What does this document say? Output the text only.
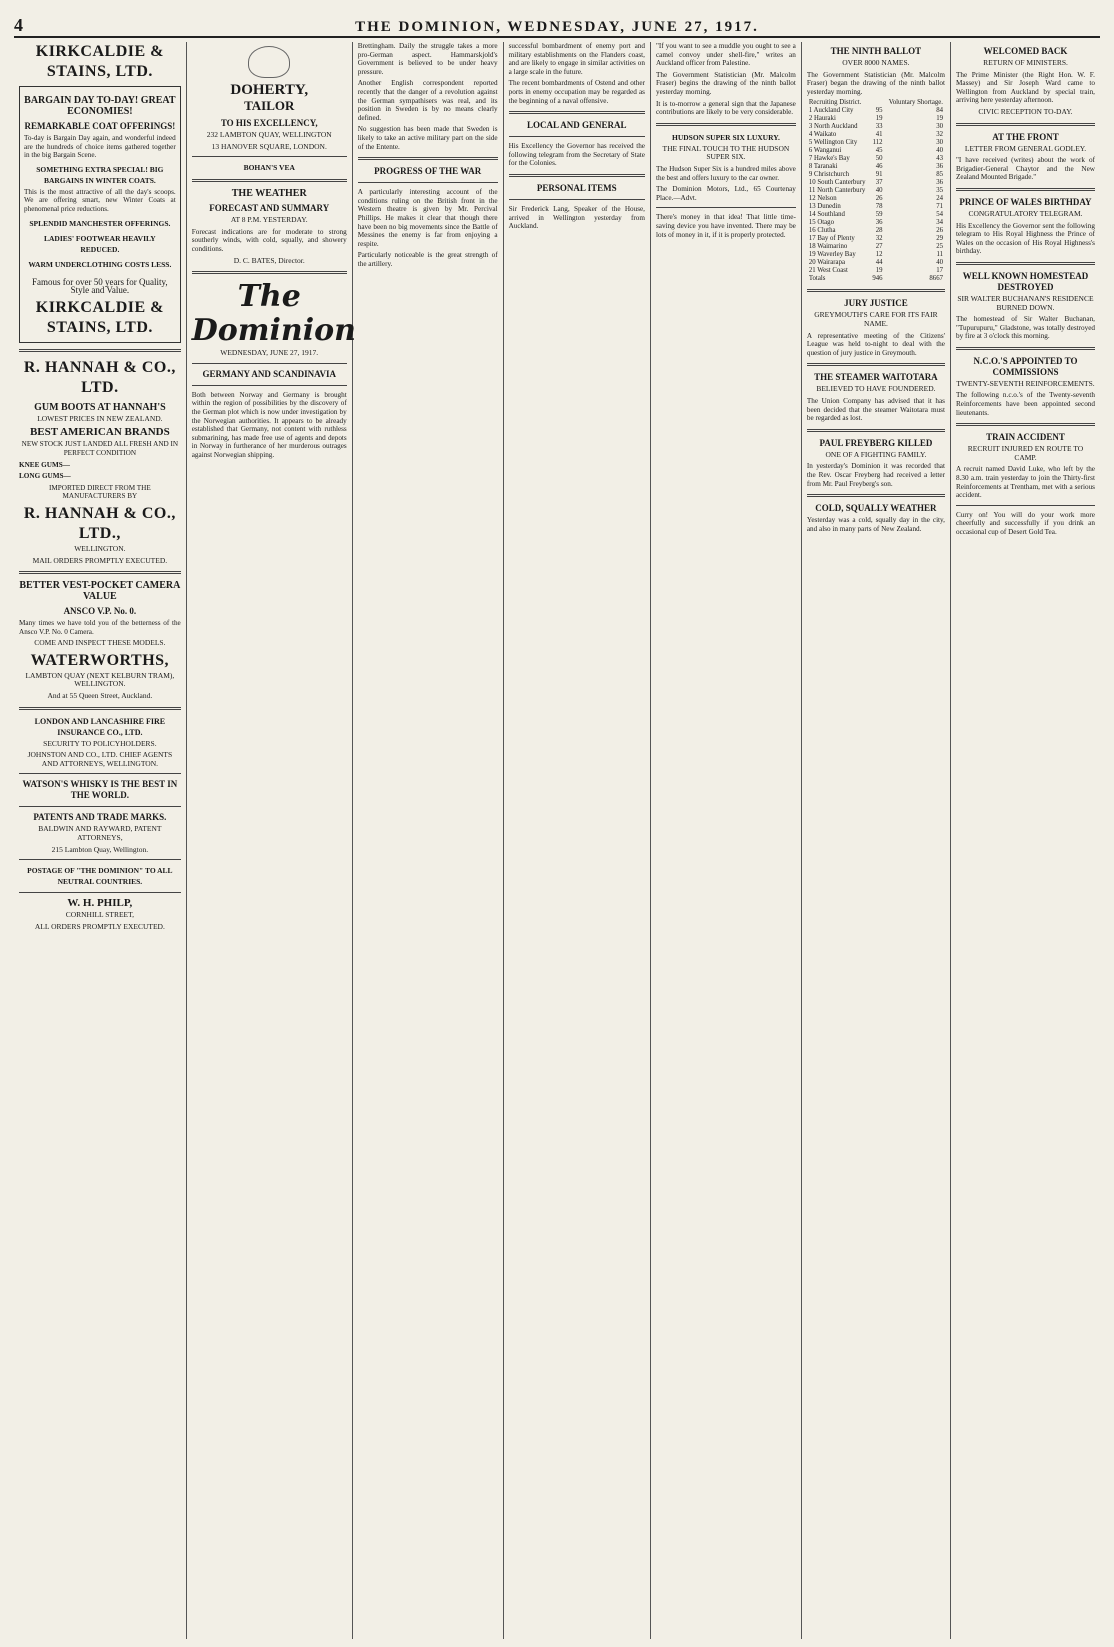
4	THE DOMINION, WEDNESDAY, JUNE 27, 1917.
KIRKCALDIE & STAINS, LTD.
BARGAIN DAY TO-DAY! GREAT ECONOMIES!
REMARKABLE COAT OFFERINGS!

To-day is Bargain Day again, and wonderful indeed are the hundreds of choice items gathered together in the big Bargain Scene.

SOMETHING EXTRA SPECIAL! BIG BARGAINS IN WINTER COATS.

This is the most attractive of all the day's scoops. We are offering smart, new Winter Coats at phenomenal price reductions.

SPLENDID MANCHESTER OFFERINGS.
LADIES' FOOTWEAR HEAVILY REDUCED.
WARM UNDERCLOTHING COSTS LESS.
Famous for over 50 years for Quality, Style and Value.
KIRKCALDIE & STAINS, LTD.
R. HANNAH & CO., LTD.
GUM BOOTS AT HANNAH'S
LOWEST PRICES IN NEW ZEALAND.
BEST AMERICAN BRANDS

NEW STOCK JUST LANDED ALL FRESH AND IN PERFECT CONDITION

KNEE GUMS—

LONG GUMS—

IMPORTED DIRECT FROM THE MANUFACTURERS BY

R. HANNAH & CO., LTD.,
WELLINGTON.
MAIL ORDERS PROMPTLY EXECUTED.
BETTER VEST-POCKET CAMERA VALUE
ANSCO V.P. No. 0.

Many times we have told you of the betterness of the Ansco V.P. No. 0 Camera.

COME AND INSPECT THESE MODELS.
WATERWORTHS,
LAMBTON QUAY (NEXT KELBURN TRAM), WELLINGTON.
And at 55 Queen Street, Auckland.
LONDON AND LANCASHIRE FIRE INSURANCE CO., LTD.
SECURITY TO POLICYHOLDERS.
JOHNSTON AND CO., LTD. CHIEF AGENTS AND ATTORNEYS, WELLINGTON.
WATSON'S WHISKY IS THE BEST IN THE WORLD.
PATENTS AND TRADE MARKS.
BALDWIN AND RAYWARD, PATENT ATTORNEYS,
215 Lambton Quay, Wellington.
POSTAGE OF "THE DOMINION" TO ALL NEUTRAL COUNTRIES.
W. H. PHILP,
CORNHILL STREET,
ALL ORDERS PROMPTLY EXECUTED.
DOHERTY,
TAILOR
TO HIS EXCELLENCY,
232 LAMBTON QUAY, WELLINGTON
13 HANOVER SQUARE, LONDON.
BOHAN'S VEA
THE WEATHER
FORECAST AND SUMMARY
AT 8 P.M. YESTERDAY.

Forecast indications are for moderate to strong southerly winds, with cold, squally, and showery conditions.

D. C. BATES, Director.
The Dominion
WEDNESDAY, JUNE 27, 1917.
GERMANY AND SCANDINAVIA

Both between Norway and Germany is brought within the region of possibilities by the discovery of the German plot which is now under investigation by the Norwegian authorities. It appears to be already established that Germany, not content with ruthless submarining, has made free use of agents and depots in Norway in furtherance of her murderous outrages against Norwegian shipping.

Brettingham. Daily the struggle takes a more pro-German aspect. Hammarskjold's Government is believed to be under heavy pressure.

Another English correspondent reported recently that the danger of a revolution against the German sympathisers was real, and its position in Sweden is by no means clearly defined.

No suggestion has been made that Sweden is likely to take an active military part on the side of the Entente.

PROGRESS OF THE WAR

A particularly interesting account of the conditions ruling on the British front in the Western theatre is given by Mr. Percival Phillips. He makes it clear that though there have been no big movements since the Battle of Messines the enemy is far from enjoying a respite.

Particularly noticeable is the great strength of the artillery.

successful bombardment of enemy port and military establishments on the Flanders coast, and are likely to engage in similar activities on a large scale in the future.

The recent bombardments of Ostend and other ports in enemy occupation may be regarded as the beginning of a naval offensive.

LOCAL AND GENERAL

His Excellency the Governor has received the following telegram from the Secretary of State for the Colonies.

PERSONAL ITEMS

Sir Frederick Lang, Speaker of the House, arrived in Wellington yesterday from Auckland.

"If you want to see a muddle you ought to see a camel convoy under shell-fire," writes an Auckland officer from Palestine.

The Government Statistician (Mr. Malcolm Fraser) begins the drawing of the ninth ballot yesterday morning.

It is to-morrow a general sign that the Japanese contributions are likely to be very considerable.

HUDSON SUPER SIX LUXURY.
THE FINAL TOUCH TO THE HUDSON SUPER SIX.

The Hudson Super Six is a hundred miles above the best and offers luxury to the car owner.

The Dominion Motors, Ltd., 65 Courtenay Place.—Advt.

There's money in that idea! That little time-saving device you have invented. There may be lots of money in it, if it is properly protected.

THE NINTH BALLOT
OVER 8000 NAMES.

The Government Statistician (Mr. Malcolm Fraser) began the drawing of the ninth ballot yesterday morning.

Recruiting District.		Voluntary Shortage.
1 Auckland City	95	84
2 Hauraki	19	19
3 North Auckland	33	30
4 Waikato	41	32
5 Wellington City	112	30
6 Wanganui	45	40
7 Hawke's Bay	50	43
8 Taranaki	46	36
9 Christchurch	91	85
10 South Canterbury	37	36
11 North Canterbury	40	35
12 Nelson	26	24
13 Dunedin	78	71
14 Southland	59	54
15 Otago	36	34
16 Clutha	28	26
17 Bay of Plenty	32	29
18 Waimarino	27	25
19 Waverley Bay	12	11
20 Wairarapa	44	40
21 West Coast	19	17
Totals	946	8667
JURY JUSTICE
GREYMOUTH'S CARE FOR ITS FAIR NAME.

A representative meeting of the Citizens' League was held to-night to deal with the question of jury justice in Greymouth.

THE STEAMER WAITOTARA
BELIEVED TO HAVE FOUNDERED.

The Union Company has advised that it has been decided that the steamer Waitotara must be regarded as lost.

PAUL FREYBERG KILLED
ONE OF A FIGHTING FAMILY.

In yesterday's Dominion it was recorded that the Rev. Oscar Freyberg had received a letter from Mr. Paul Freyberg's son.

COLD, SQUALLY WEATHER

Yesterday was a cold, squally day in the city, and also in many parts of New Zealand.

WELCOMED BACK
RETURN OF MINISTERS.

The Prime Minister (the Right Hon. W. F. Massey) and Sir Joseph Ward came to Wellington from Auckland by special train, arriving here yesterday afternoon.

CIVIC RECEPTION TO-DAY.
AT THE FRONT
LETTER FROM GENERAL GODLEY.

"I have received (writes) about the work of Brigadier-General Chaytor and the New Zealand Mounted Brigade."

PRINCE OF WALES BIRTHDAY
CONGRATULATORY TELEGRAM.

His Excellency the Governor sent the following telegram to His Royal Highness the Prince of Wales on the occasion of His Royal Highness's birthday.

WELL KNOWN HOMESTEAD DESTROYED
SIR WALTER BUCHANAN'S RESIDENCE BURNED DOWN.

The homestead of Sir Walter Buchanan, "Tupurupuru," Gladstone, was totally destroyed by fire at 3 o'clock this morning.

N.C.O.'S APPOINTED TO COMMISSIONS
TWENTY-SEVENTH REINFORCEMENTS.

The following n.c.o.'s of the Twenty-seventh Reinforcements have been appointed second lieutenants.

TRAIN ACCIDENT
RECRUIT INJURED EN ROUTE TO CAMP.

A recruit named David Luke, who left by the 8.30 a.m. train yesterday to join the Thirty-first Reinforcements at Trentham, met with a serious accident.

Curry on! You will do your work more cheerfully and successfully if you drink an occasional cup of Desert Gold Tea.
